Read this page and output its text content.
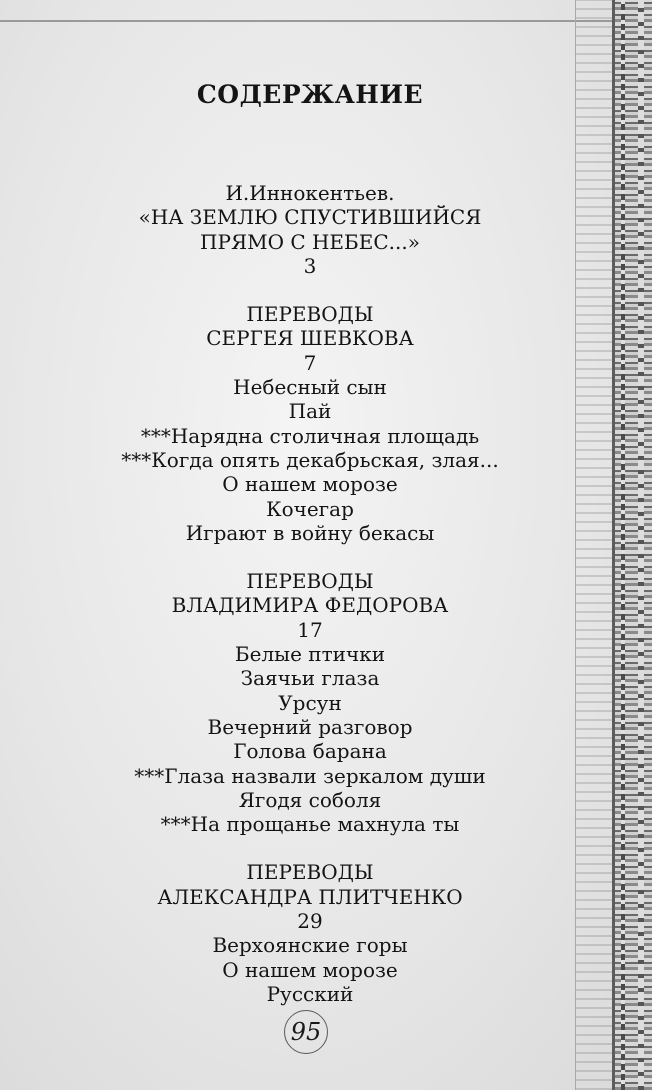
СОДЕРЖАНИЕ
И.Иннокентьев.
«НА ЗЕМЛЮ СПУСТИВШИЙСЯ
ПРЯМО С НЕБЕС...»
3
ПЕРЕВОДЫ
СЕРГЕЯ ШЕВКОВА
7
Небесный сын
Пай
***Нарядна столичная площадь
***Когда опять декабрьская, злая...
О нашем морозе
Кочегар
Играют в войну бекасы
ПЕРЕВОДЫ
ВЛАДИМИРА ФЕДОРОВА
17
Белые птички
Заячьи глаза
Урсун
Вечерний разговор
Голова барана
***Глаза назвали зеркалом души
Ягодя соболя
***На прощанье махнула ты
ПЕРЕВОДЫ
АЛЕКСАНДРА ПЛИТЧЕНКО
29
Верхоянские горы
О нашем морозе
Русский
95
